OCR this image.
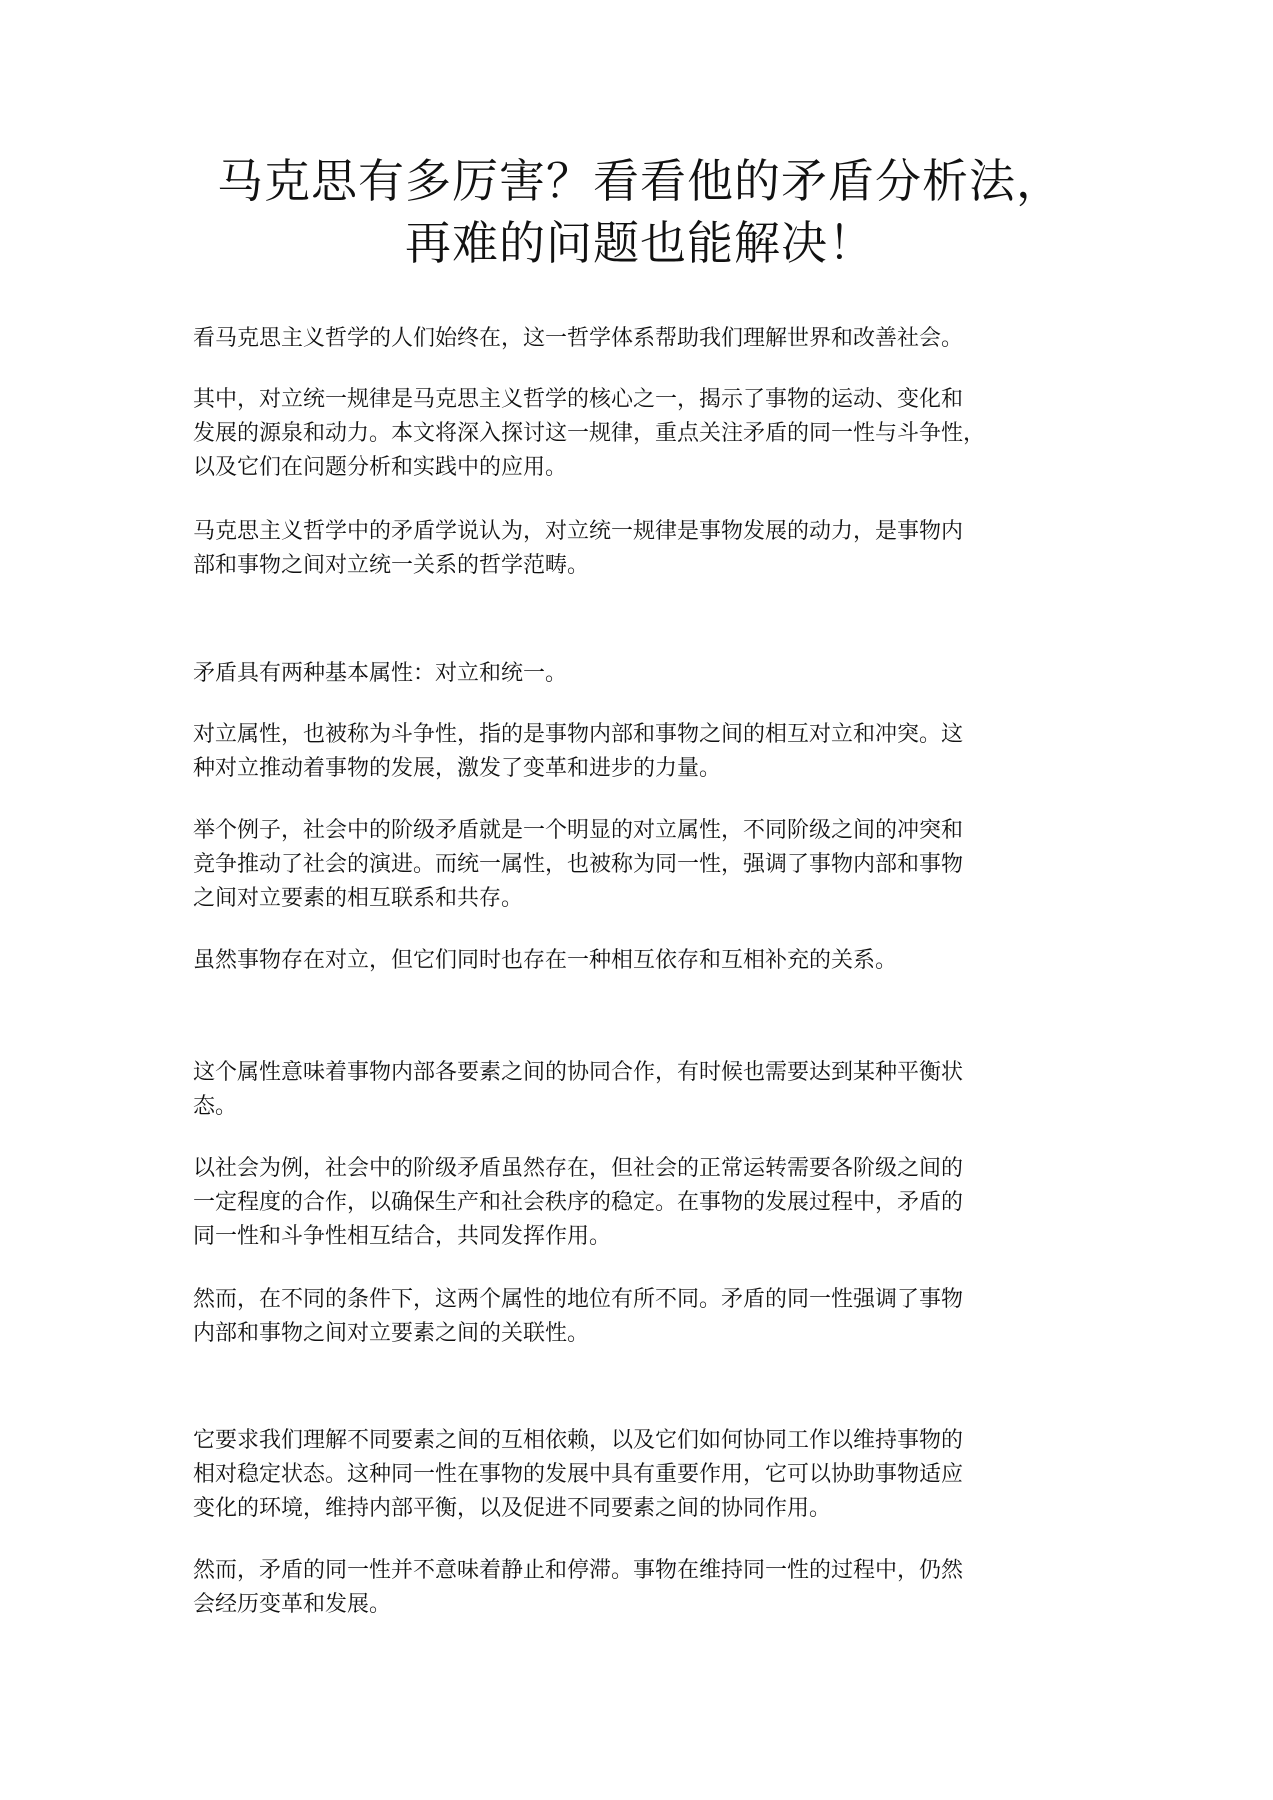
马克思有多厉害？看看他的矛盾分析法，
再难的问题也能解决！

看马克思主义哲学的人们始终在，这一哲学体系帮助我们理解世界和改善社会。

其中，对立统一规律是马克思主义哲学的核心之一，揭示了事物的运动、变化和
发展的源泉和动力。本文将深入探讨这一规律，重点关注矛盾的同一性与斗争性，
以及它们在问题分析和实践中的应用。

马克思主义哲学中的矛盾学说认为，对立统一规律是事物发展的动力，是事物内
部和事物之间对立统一关系的哲学范畴。

矛盾具有两种基本属性：对立和统一。

对立属性，也被称为斗争性，指的是事物内部和事物之间的相互对立和冲突。这
种对立推动着事物的发展，激发了变革和进步的力量。

举个例子，社会中的阶级矛盾就是一个明显的对立属性，不同阶级之间的冲突和
竞争推动了社会的演进。而统一属性，也被称为同一性，强调了事物内部和事物
之间对立要素的相互联系和共存。

虽然事物存在对立，但它们同时也存在一种相互依存和互相补充的关系。

这个属性意味着事物内部各要素之间的协同合作，有时候也需要达到某种平衡状
态。

以社会为例，社会中的阶级矛盾虽然存在，但社会的正常运转需要各阶级之间的
一定程度的合作，以确保生产和社会秩序的稳定。在事物的发展过程中，矛盾的
同一性和斗争性相互结合，共同发挥作用。

然而，在不同的条件下，这两个属性的地位有所不同。矛盾的同一性强调了事物
内部和事物之间对立要素之间的关联性。

它要求我们理解不同要素之间的互相依赖，以及它们如何协同工作以维持事物的
相对稳定状态。这种同一性在事物的发展中具有重要作用，它可以协助事物适应
变化的环境，维持内部平衡，以及促进不同要素之间的协同作用。

然而，矛盾的同一性并不意味着静止和停滞。事物在维持同一性的过程中，仍然
会经历变革和发展。
